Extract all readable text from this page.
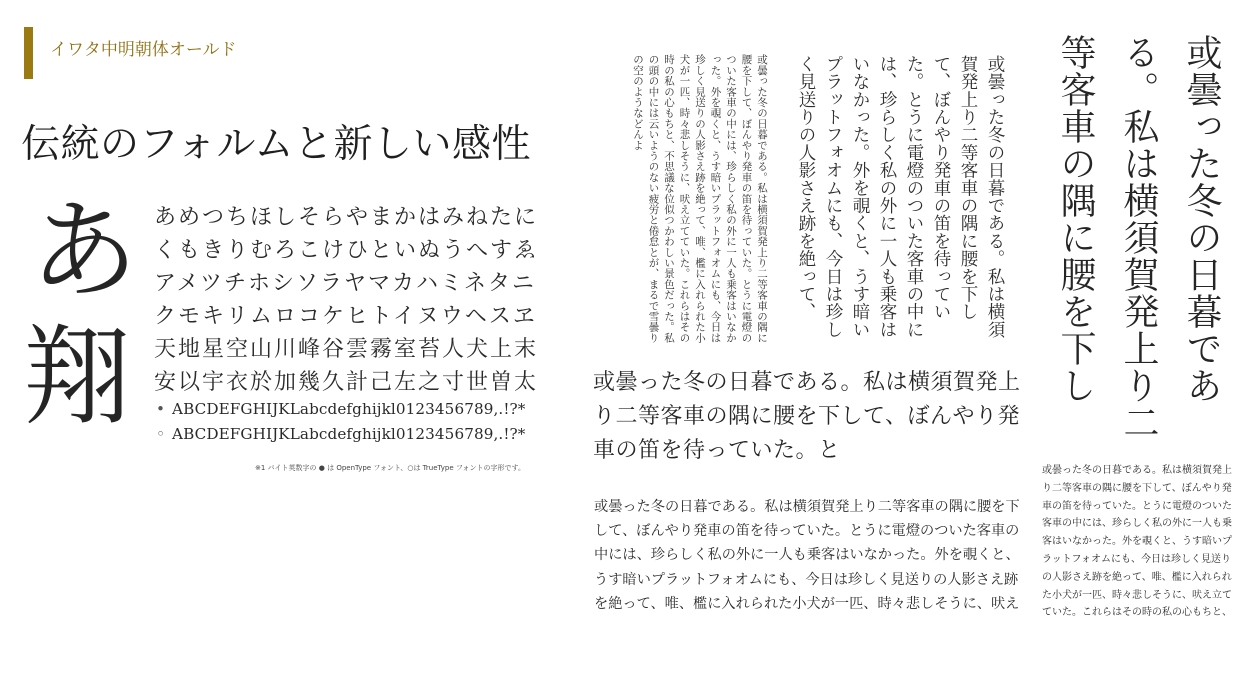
イワタ中明朝体オールド
伝統のフォルムと新しい感性
あ
翔
あめつちほしそらやまかはみねたに
くもきりむろこけひといぬうへすゑ
アメツチホシソラヤマカハミネタニ
クモキリムロコケヒトイヌウヘスヱ
天地星空山川峰谷雲霧室苔人犬上末
安以宇衣於加幾久計己左之寸世曽太
• ABCDEFGHIJKLabcdefghijkl0123456789,.!?*
◦ ABCDEFGHIJKLabcdefghijkl0123456789,.!?*
※1 バイト英数字の ● は OpenType フォント、○は TrueType フォントの字形です。
或曇った冬の日暮である。私は横須賀発上り二等客車の隅に腰を下して、ぼんやり発車の笛を待っていた。とうに電燈のついた客車の中には、珍らしく私の外に一人も乗客はいなかった。外を覗くと、うす暗いプラットフォオムにも、今日は珍しく見送りの人影さえ跡を絶って、唯、檻に入れられた小犬が一匹、時々悲しそうに、吠え立てていた。これらはその時の私の心もちと、不思議な位似つかわしい景色だった。私の頭の中には云いようのない疲労と倦怠とが、まるで雪曇りの空のようなどんよ	或曇った冬の日暮である。私は横須賀発上り二等客車の隅に腰を下して、ぼんやり発車の笛を待っていた。とうに電燈のついた客車の中には、珍らしく私の外に一人も乗客はいなかった。外を覗くと、うす暗いプラットフォオムにも、今日は珍しく見送りの人影さえ跡を絶って、
或曇った冬の日暮である。私は横須賀発上り二等客車の隅に腰を下し
或曇った冬の日暮である。私は横須賀発上り二等客車の隅に腰を下して、ぼんやり発車の笛を待っていた。と
或曇った冬の日暮である。私は横須賀発上り二等客車の隅に腰を下して、ぼんやり発車の笛を待っていた。とうに電燈のついた客車の中には、珍らしく私の外に一人も乗客はいなかった。外を覗くと、うす暗いプラットフォオムにも、今日は珍しく見送りの人影さえ跡を絶って、唯、檻に入れられた小犬が一匹、時々悲しそうに、吠え
或曇った冬の日暮である。私は横須賀発上り二等客車の隅に腰を下して、ぼんやり発車の笛を待っていた。とうに電燈のついた客車の中には、珍らしく私の外に一人も乗客はいなかった。外を覗くと、うす暗いプラットフォオムにも、今日は珍しく見送りの人影さえ跡を絶って、唯、檻に入れられた小犬が一匹、時々悲しそうに、吠え立てていた。これらはその時の私の心もちと、
